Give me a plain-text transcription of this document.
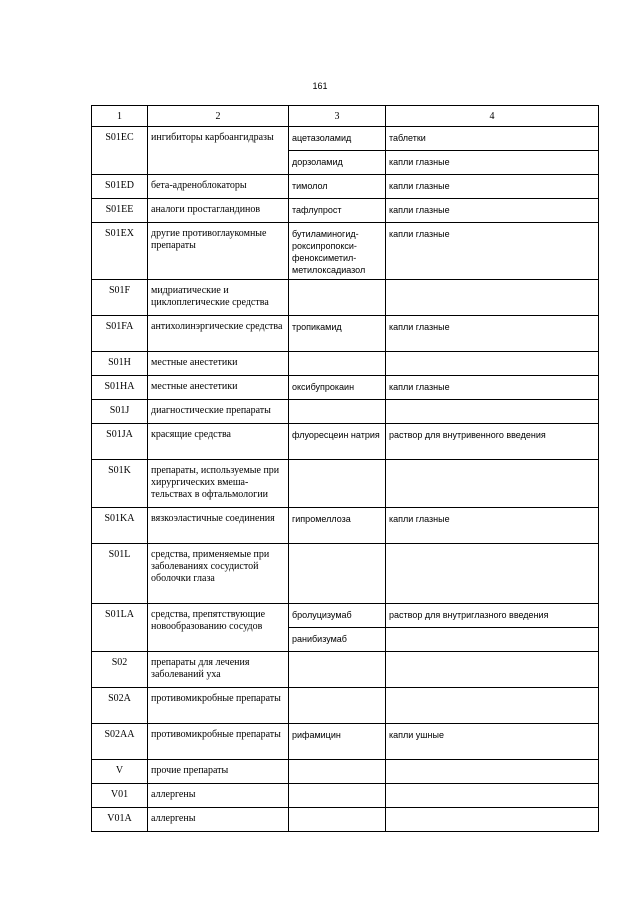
161
1	2	3	4
S01EC	ингибиторы карбоангидразы	ацетазоламид	таблетки
		дорзоламид	капли глазные
S01ED	бета-адреноблокаторы	тимолол	капли глазные
S01EE	аналоги простагландинов	тафлупрост	капли глазные
S01EX	другие противоглаукомные препараты	бутиламиногид-роксипропокси-феноксиметил-метилоксадиазол	капли глазные
S01F	мидриатические и циклоплегические средства		
S01FA	антихолинэргические средства	тропикамид	капли глазные
S01H	местные анестетики		
S01HA	местные анестетики	оксибупрокаин	капли глазные
S01J	диагностические препараты		
S01JA	красящие средства	флуоресцеин натрия	раствор для внутривенного введения
S01K	препараты, используемые при хирургических вмеша-тельствах в офтальмологии		
S01KA	вязкоэластичные соединения	гипромеллоза	капли глазные
S01L	средства, применяемые при заболеваниях сосудистой оболочки глаза		
S01LA	средства, препятствующие новообразованию сосудов	бролуцизумаб	раствор для внутриглазного введения
		ранибизумаб	
S02	препараты для лечения заболеваний уха		
S02A	противомикробные препараты		
S02AA	противомикробные препараты	рифамицин	капли ушные
V	прочие препараты		
V01	аллергены		
V01A	аллергены		
